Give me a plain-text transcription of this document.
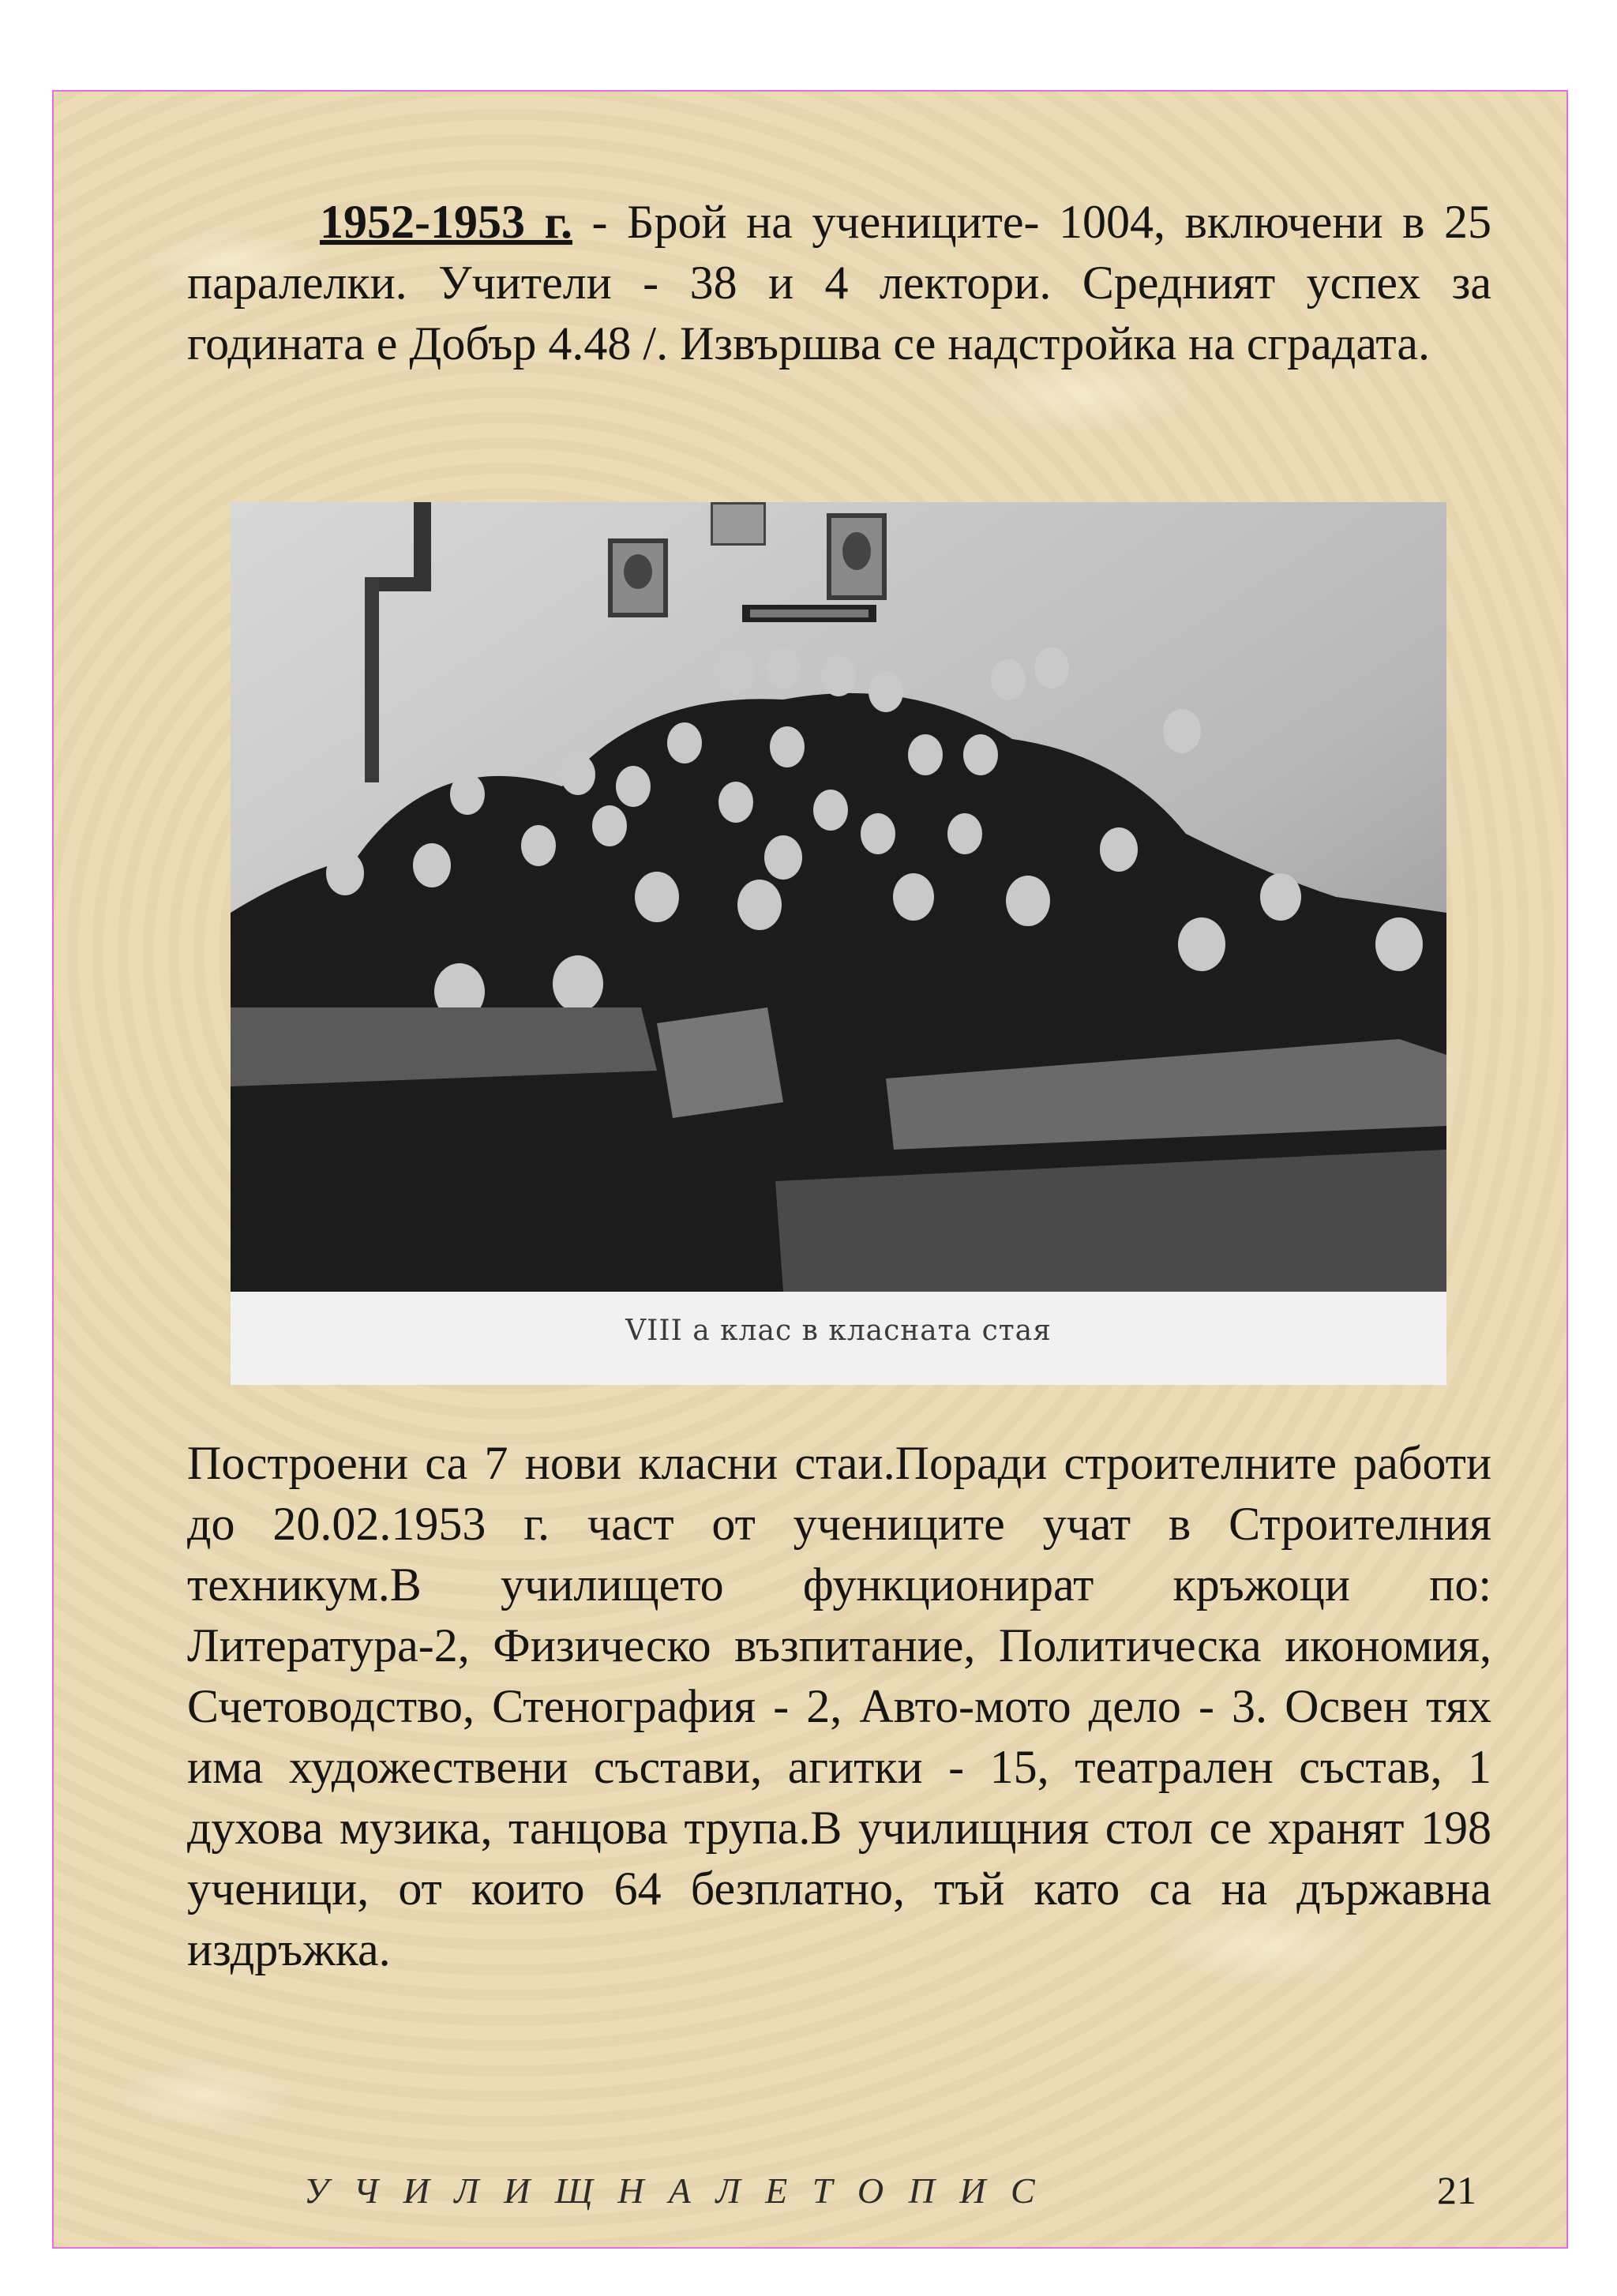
1952-1953 г. - Брой на учениците- 1004, включени в 25 паралелки. Учители - 38 и 4 лектори. Средният успех за годината е Добър 4.48 /. Извършва се надстройка на сградата.

VIII а клас в класната стая

Построени са 7 нови класни стаи.Поради строителните работи до 20.02.1953 г. част от учениците учат в Строителния техникум.В училището функционират кръжоци по: Литература-2, Физическо възпитание, Политическа икономия, Счетоводство, Стенография - 2, Авто-мото дело - 3. Освен тях има художествени състави, агитки - 15, театрален състав, 1 духова музика, танцова трупа.В училищния стол се хранят 198 ученици, от които 64 безплатно, тъй като са на държавна издръжка.

У Ч И Л И Щ Н А Л Е Т О П И С	21
